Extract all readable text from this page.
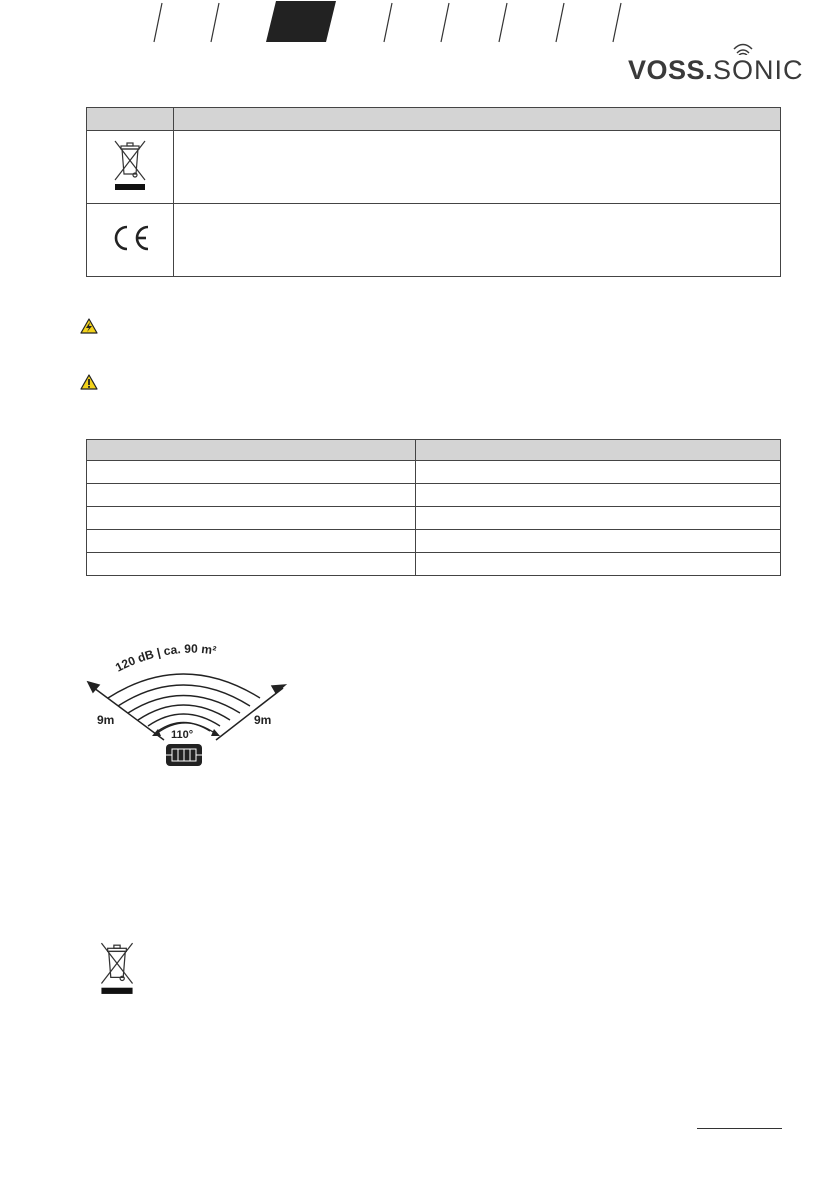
VOSS . SONIC

120 dB | ca. 90 m²
9m	9m
110°
